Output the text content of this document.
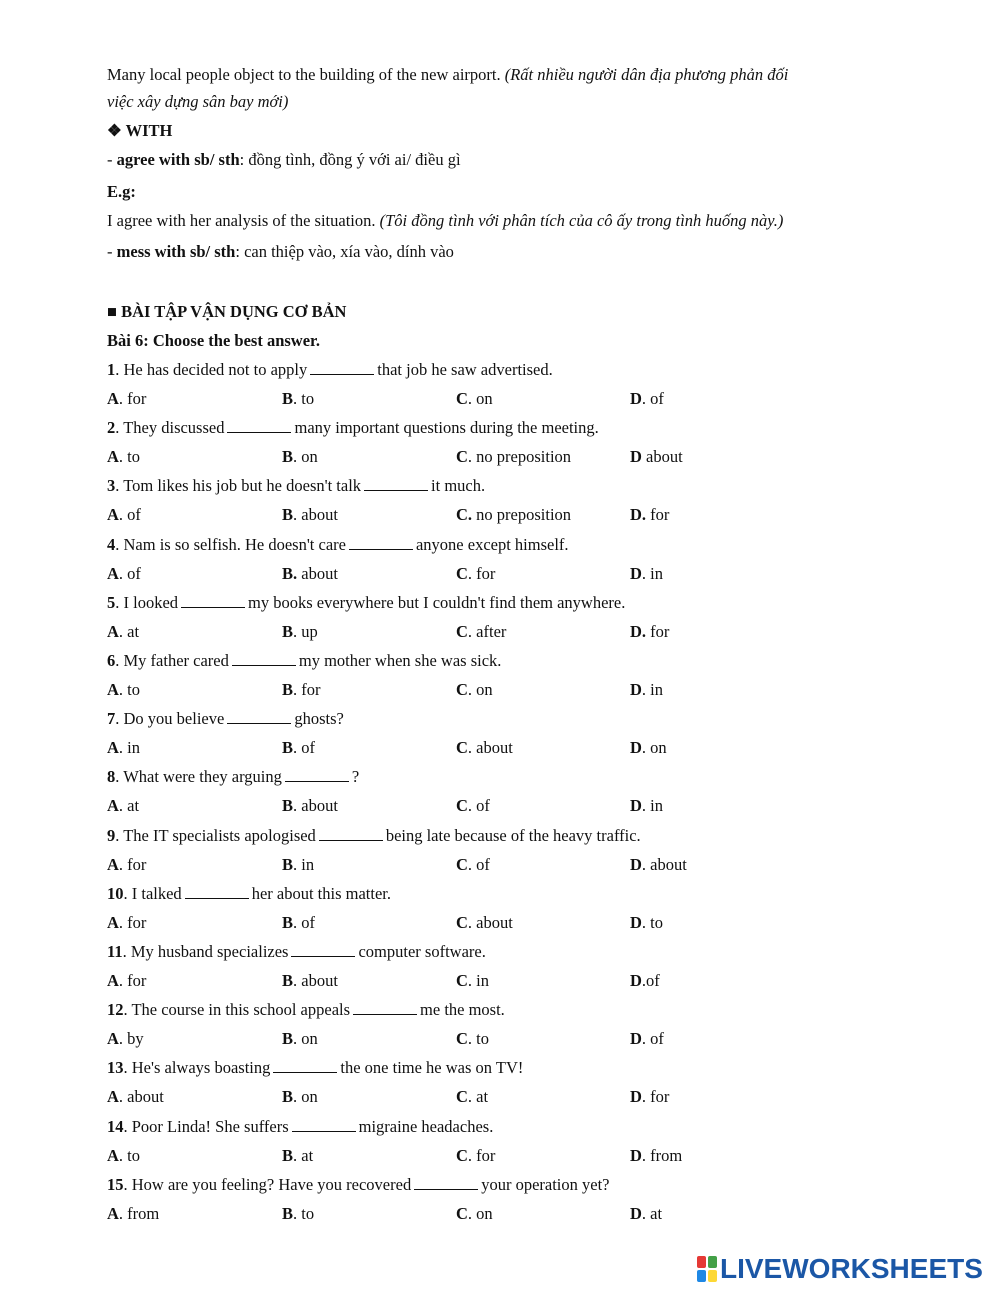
Many local people object to the building of the new airport. (Rất nhiều người dân địa phương phản đối
việc xây dựng sân bay mới)
❖ WITH
- agree with sb/ sth: đồng tình, đồng ý với ai/ điều gì
E.g:
I agree with her analysis of the situation. (Tôi đồng tình với phân tích của cô ấy trong tình huống này.)
- mess with sb/ sth: can thiệp vào, xía vào, dính vào
■ BÀI TẬP VẬN DỤNG CƠ BẢN
Bài 6: Choose the best answer.
1. He has decided not to apply	that job he saw advertised.
A. for	B. to	C. on	D. of
2. They discussed	many important questions during the meeting.
A. to	B. on	C. no preposition	D about
3. Tom likes his job but he doesn't talk	it much.
A. of	B. about	C. no preposition	D. for
4. Nam is so selfish. He doesn't care	anyone except himself.
A. of	B. about	C. for	D. in
5. I looked	my books everywhere but I couldn't find them anywhere.
A. at	B. up	C. after	D. for
6. My father cared	my mother when she was sick.
A. to	B. for	C. on	D. in
7. Do you believe	ghosts?
A. in	B. of	C. about	D. on
8. What were they arguing	?
A. at	B. about	C. of	D. in
9. The IT specialists apologised	being late because of the heavy traffic.
A. for	B. in	C. of	D. about
10. I talked	her about this matter.
A. for	B. of	C. about	D. to
11. My husband specializes	computer software.
A. for	B. about	C. in	D.of
12. The course in this school appeals	me the most.
A. by	B. on	C. to	D. of
13. He's always boasting	the one time he was on TV!
A. about	B. on	C. at	D. for
14. Poor Linda! She suffers	migraine headaches.
A. to	B. at	C. for	D. from
15. How are you feeling? Have you recovered	your operation yet?
A. from	B. to	C. on	D. at
LIVEWORKSHEETS
